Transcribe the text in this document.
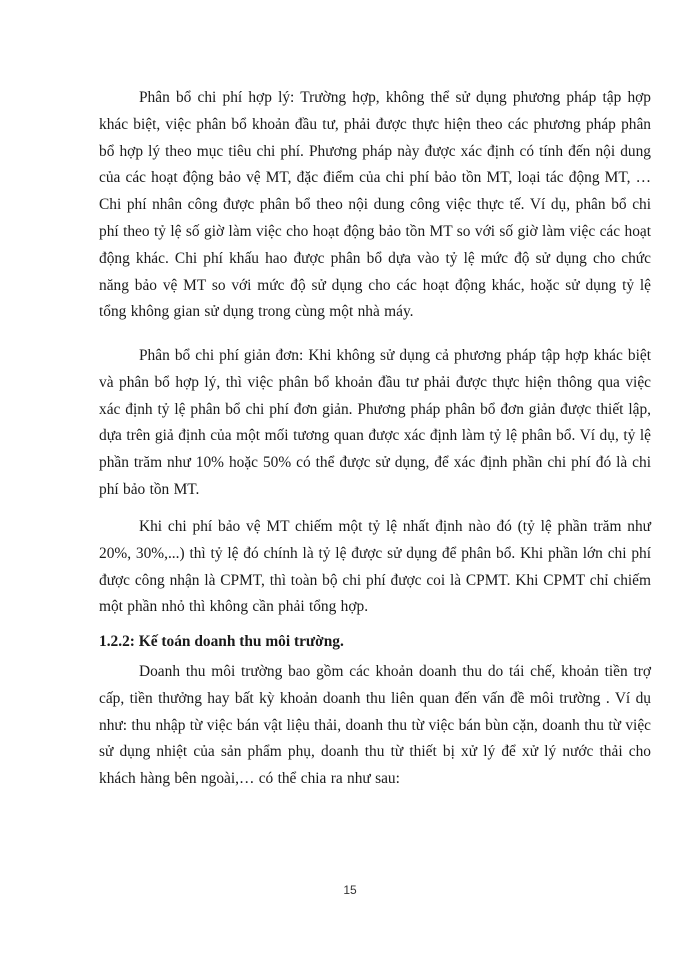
Phân bổ chi phí hợp lý: Trường hợp, không thể sử dụng phương pháp tập hợp khác biệt, việc phân bổ khoản đầu tư, phải được thực hiện theo các phương pháp phân bổ hợp lý theo mục tiêu chi phí. Phương pháp này được xác định có tính đến nội dung của các hoạt động bảo vệ MT, đặc điểm của chi phí bảo tồn MT, loại tác động MT, … Chi phí nhân công được phân bổ theo nội dung công việc thực tế. Ví dụ, phân bổ chi phí theo tỷ lệ số giờ làm việc cho hoạt động bảo tồn MT so với số giờ làm việc các hoạt động khác. Chi phí khấu hao được phân bổ dựa vào tỷ lệ mức độ sử dụng cho chức năng bảo vệ MT so với mức độ sử dụng cho các hoạt động khác, hoặc sử dụng tỷ lệ tổng không gian sử dụng trong cùng một nhà máy.

Phân bổ chi phí giản đơn: Khi không sử dụng cả phương pháp tập hợp khác biệt và phân bổ hợp lý, thì việc phân bổ khoản đầu tư phải được thực hiện thông qua việc xác định tỷ lệ phân bổ chi phí đơn giản. Phương pháp phân bổ đơn giản được thiết lập, dựa trên giả định của một mối tương quan được xác định làm tỷ lệ phân bổ. Ví dụ, tỷ lệ phần trăm như 10% hoặc 50% có thể được sử dụng, để xác định phần chi phí đó là chi phí bảo tồn MT.

Khi chi phí bảo vệ MT chiếm một tỷ lệ nhất định nào đó (tỷ lệ phần trăm như 20%, 30%,...) thì tỷ lệ đó chính là tỷ lệ được sử dụng để phân bổ. Khi phần lớn chi phí được công nhận là CPMT, thì toàn bộ chi phí được coi là CPMT. Khi CPMT chỉ chiếm một phần nhỏ thì không cần phải tổng hợp.

1.2.2: Kế toán doanh thu môi trường.

Doanh thu môi trường bao gồm các khoản doanh thu do tái chế, khoản tiền trợ cấp, tiền thưởng hay bất kỳ khoản doanh thu liên quan đến vấn đề môi trường . Ví dụ như: thu nhập từ việc bán vật liệu thải, doanh thu từ việc bán bùn cặn, doanh thu từ việc sử dụng nhiệt của sản phẩm phụ, doanh thu từ thiết bị xử lý để xử lý nước thải cho khách hàng bên ngoài,… có thể chia ra như sau:

15
